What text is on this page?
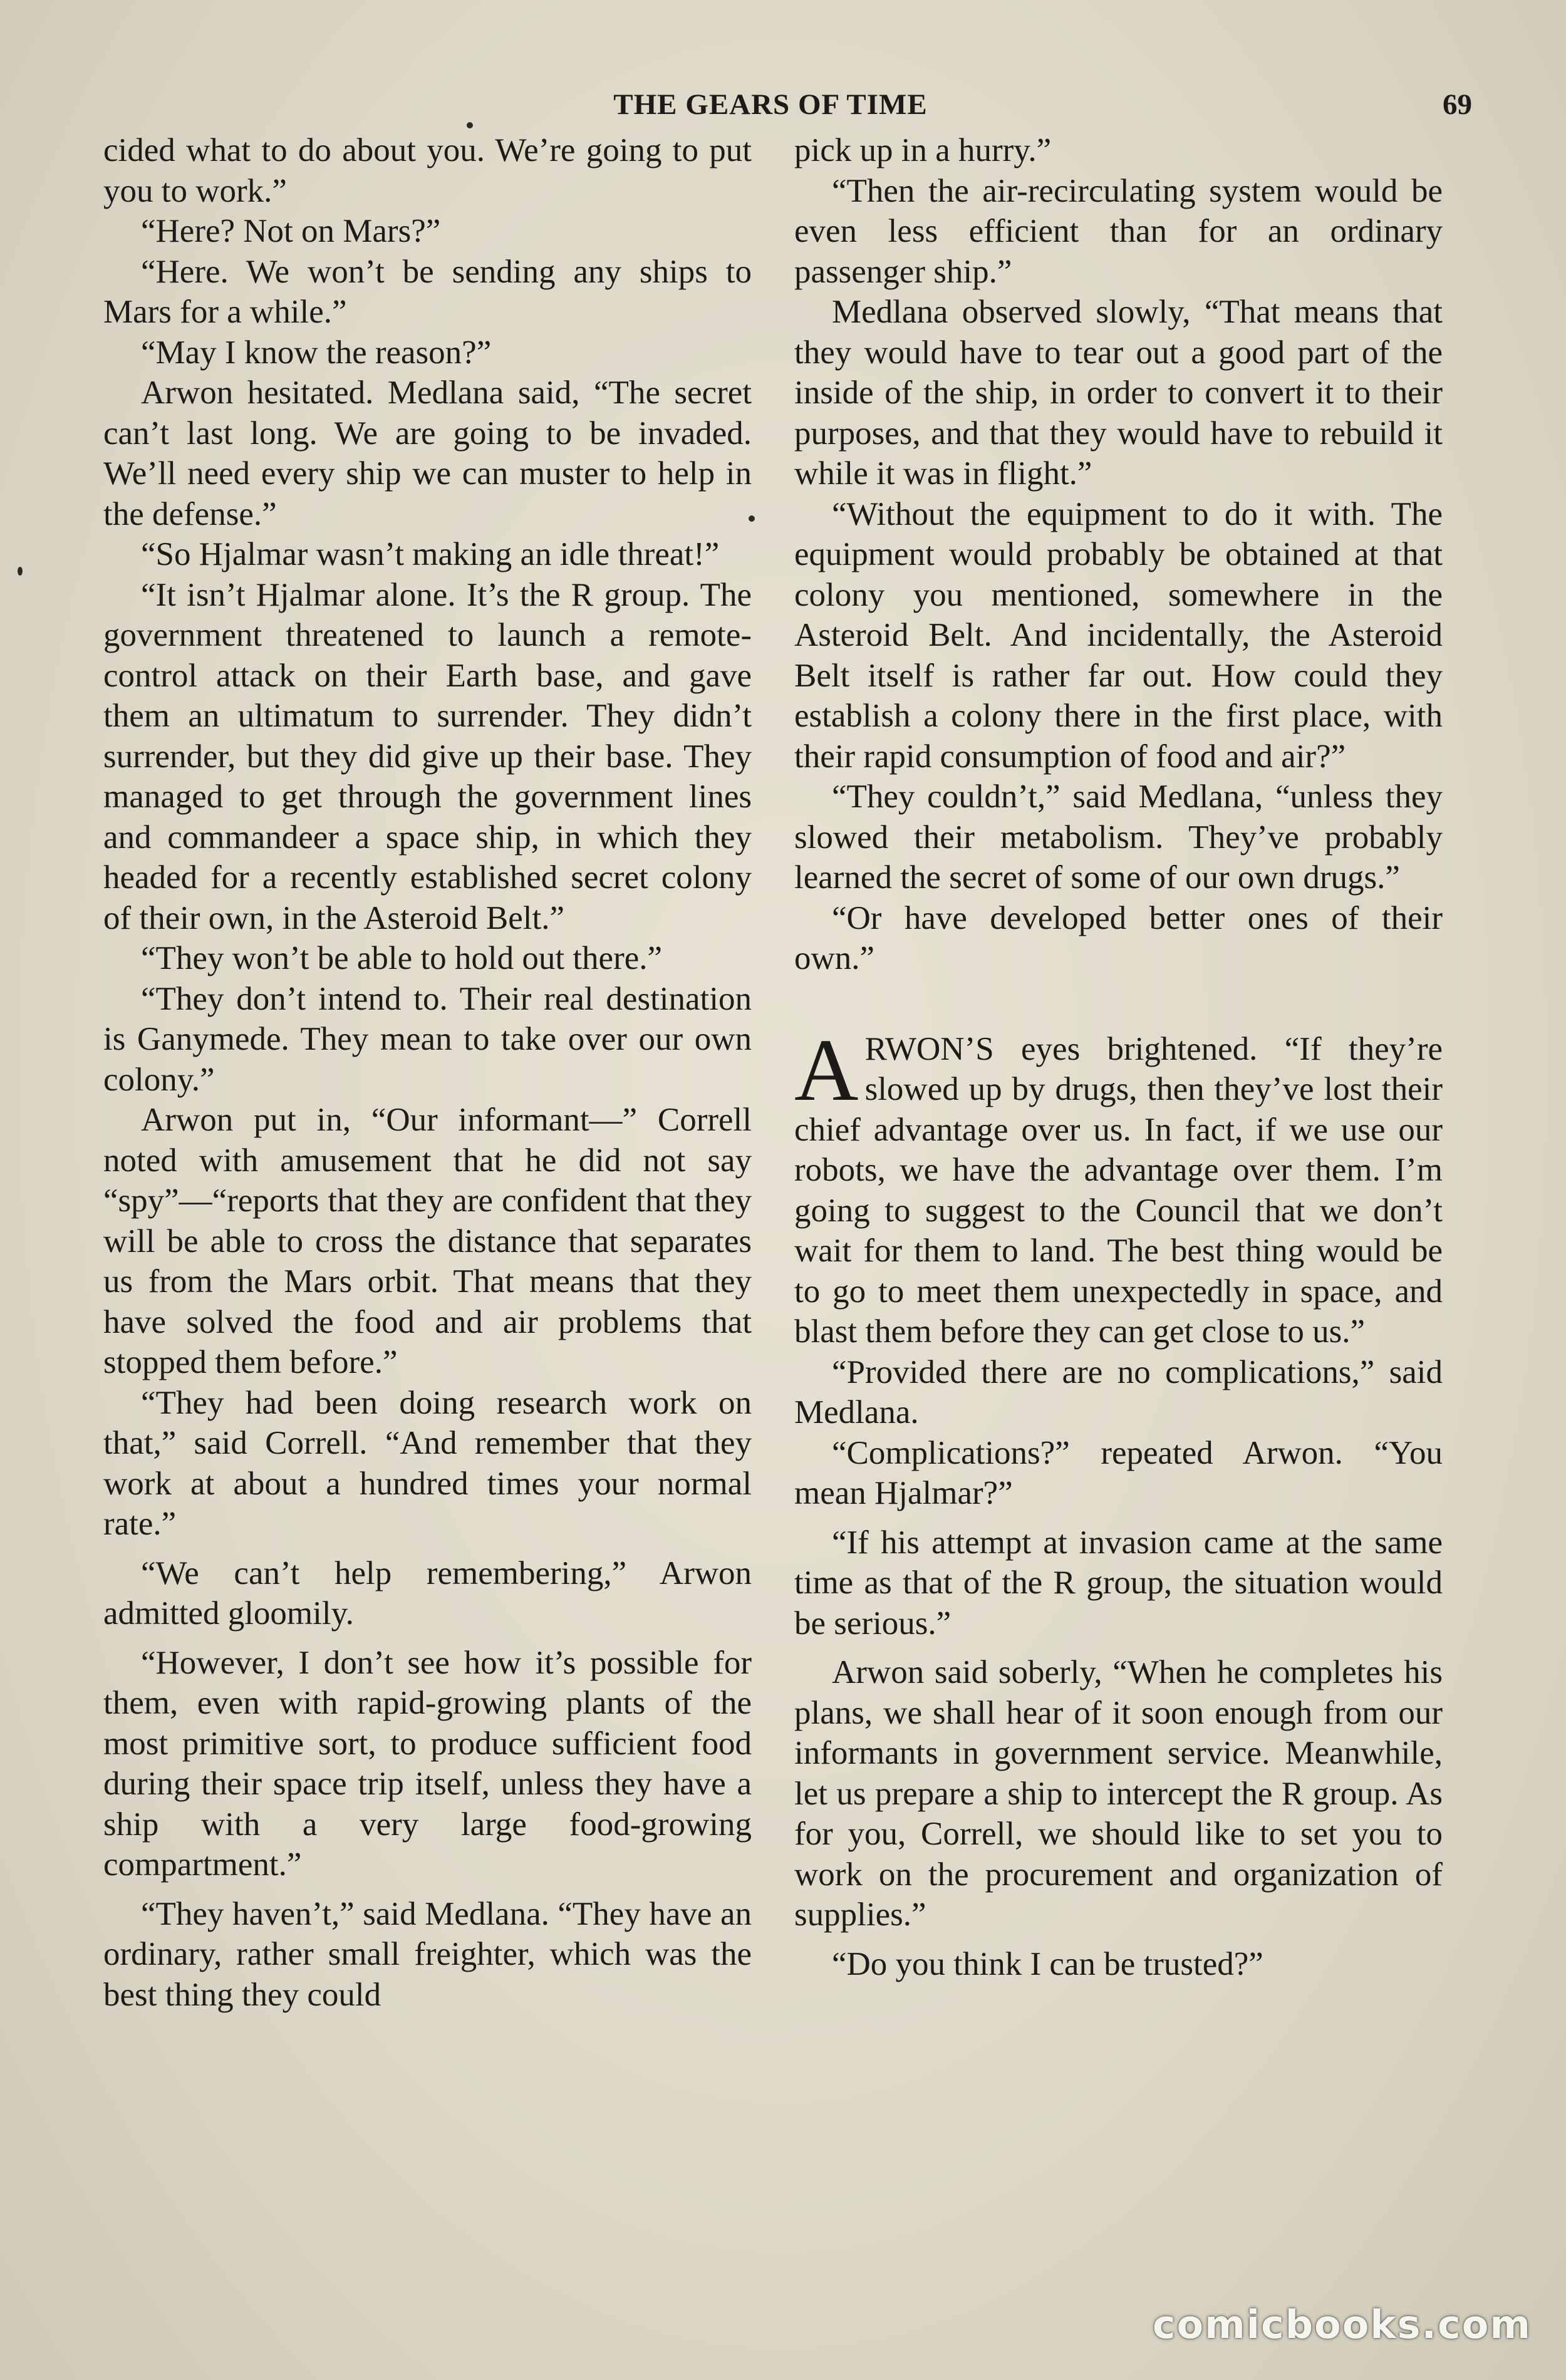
THE GEARS OF TIME	69

cided what to do about you. We’re going to put you to work.”

“Here? Not on Mars?”

“Here. We won’t be sending any ships to Mars for a while.”

“May I know the reason?”

Arwon hesitated. Medlana said, “The secret can’t last long. We are going to be invaded. We’ll need every ship we can muster to help in the defense.”

“So Hjalmar wasn’t making an idle threat!”

“It isn’t Hjalmar alone. It’s the R group. The government threatened to launch a remote-control attack on their Earth base, and gave them an ultimatum to surrender. They didn’t surrender, but they did give up their base. They managed to get through the government lines and commandeer a space ship, in which they headed for a recently established secret colony of their own, in the Asteroid Belt.”

“They won’t be able to hold out there.”

“They don’t intend to. Their real destination is Ganymede. They mean to take over our own colony.”

Arwon put in, “Our informant—” Correll noted with amusement that he did not say “spy”—“reports that they are confident that they will be able to cross the distance that separates us from the Mars orbit. That means that they have solved the food and air problems that stopped them before.”

“They had been doing research work on that,” said Correll. “And remember that they work at about a hundred times your normal rate.”

“We can’t help remembering,” Arwon admitted gloomily.

“However, I don’t see how it’s possible for them, even with rapid-growing plants of the most primitive sort, to produce sufficient food during their space trip itself, unless they have a ship with a very large food-growing compartment.”

“They haven’t,” said Medlana. “They have an ordinary, rather small freighter, which was the best thing they could

pick up in a hurry.”

“Then the air-recirculating system would be even less efficient than for an ordinary passenger ship.”

Medlana observed slowly, “That means that they would have to tear out a good part of the inside of the ship, in order to convert it to their purposes, and that they would have to rebuild it while it was in flight.”

“Without the equipment to do it with. The equipment would probably be obtained at that colony you mentioned, somewhere in the Asteroid Belt. And incidentally, the Asteroid Belt itself is rather far out. How could they establish a colony there in the first place, with their rapid consumption of food and air?”

“They couldn’t,” said Medlana, “unless they slowed their metabolism. They’ve probably learned the secret of some of our own drugs.”

“Or have developed better ones of their own.”

ARWON’S eyes brightened. “If they’re slowed up by drugs, then they’ve lost their chief advantage over us. In fact, if we use our robots, we have the advantage over them. I’m going to suggest to the Council that we don’t wait for them to land. The best thing would be to go to meet them unexpectedly in space, and blast them before they can get close to us.”

“Provided there are no complications,” said Medlana.

“Complications?” repeated Arwon. “You mean Hjalmar?”

“If his attempt at invasion came at the same time as that of the R group, the situation would be serious.”

Arwon said soberly, “When he completes his plans, we shall hear of it soon enough from our informants in government service. Meanwhile, let us prepare a ship to intercept the R group. As for you, Correll, we should like to set you to work on the procurement and organization of supplies.”

“Do you think I can be trusted?”

comicbooks.com
